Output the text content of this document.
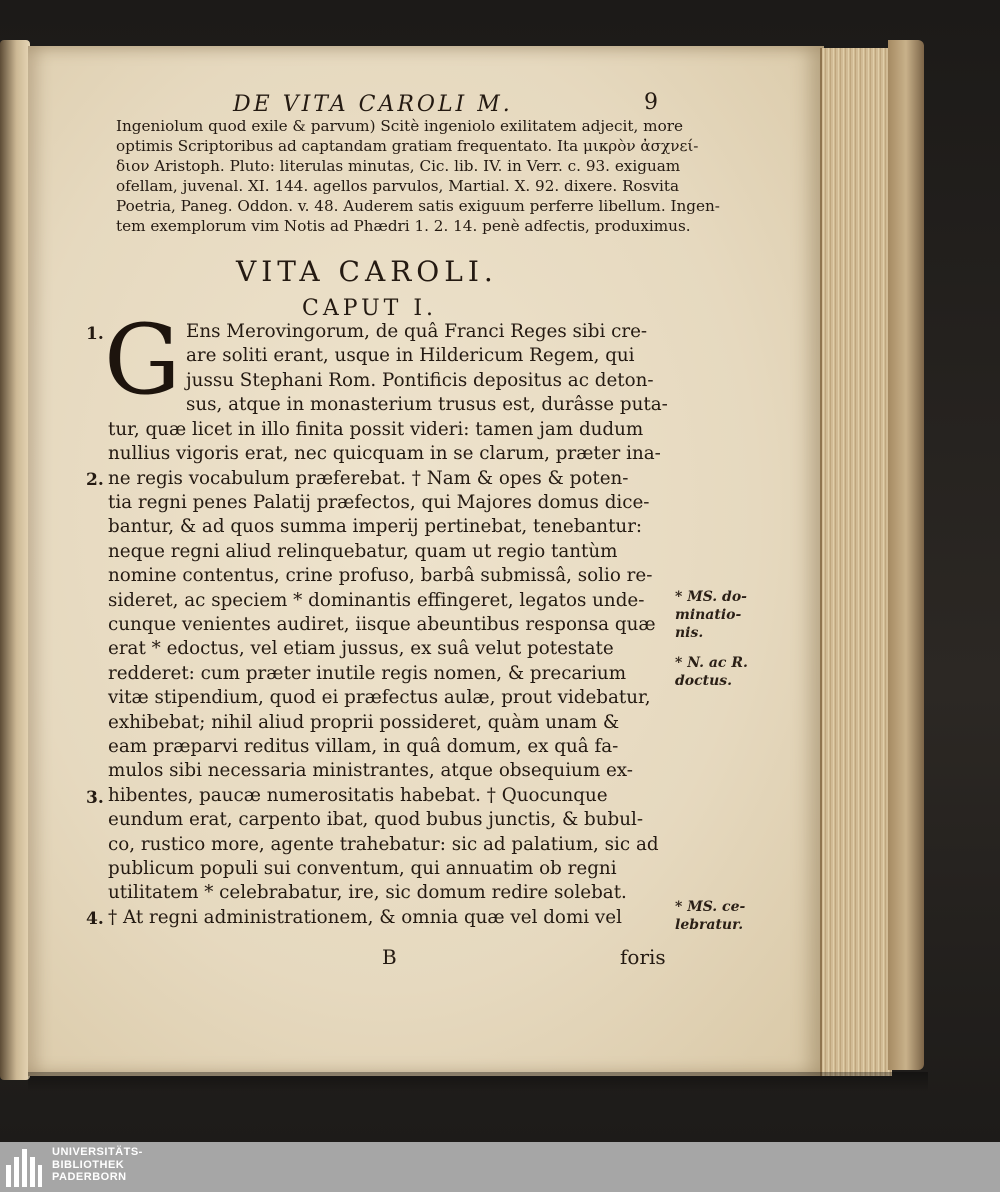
DE VITA CAROLI M.	9
Ingeniolum quod exile & parvum) Scitè ingeniolo exilitatem adjecit, more
optimis Scriptoribus ad captandam gratiam frequentato. Ita μικρὸν ἀσχνεί-
διον Aristoph. Pluto: literulas minutas, Cic. lib. IV. in Verr. c. 93. exiguam
ofellam, juvenal. XI. 144. agellos parvulos, Martial. X. 92. dixere. Rosvita
Poetria, Paneg. Oddon. v. 48. Auderem satis exiguum perferre libellum. Ingen-
tem exemplorum vim Notis ad Phædri 1. 2. 14. penè adfectis, produximus.
VITA CAROLI.
CAPUT I.
G Ens Merovingorum, de quâ Franci Reges sibi cre-
are soliti erant, usque in Hildericum Regem, qui
jussu Stephani Rom. Pontificis depositus ac deton-
sus, atque in monasterium trusus est, durâsse puta-
tur, quæ licet in illo finita possit videri: tamen jam dudum
nullius vigoris erat, nec quicquam in se clarum, præter ina-
ne regis vocabulum præferebat. † Nam & opes & poten-
tia regni penes Palatij præfectos, qui Majores domus dice-
bantur, & ad quos summa imperij pertinebat, tenebantur:
neque regni aliud relinquebatur, quam ut regio tantùm
nomine contentus, crine profuso, barbâ submissâ, solio re-
sideret, ac speciem * dominantis effingeret, legatos unde-
cunque venientes audiret, iisque abeuntibus responsa quæ
erat * edoctus, vel etiam jussus, ex suâ velut potestate
redderet: cum præter inutile regis nomen, & precarium
vitæ stipendium, quod ei præfectus aulæ, prout videbatur,
exhibebat; nihil aliud proprii possideret, quàm unam &
eam præparvi reditus villam, in quâ domum, ex quâ fa-
mulos sibi necessaria ministrantes, atque obsequium ex-
hibentes, paucæ numerositatis habebat. † Quocunque
eundum erat, carpento ibat, quod bubus junctis, & bubul-
co, rustico more, agente trahebatur: sic ad palatium, sic ad
publicum populi sui conventum, qui annuatim ob regni
utilitatem * celebrabatur, ire, sic domum redire solebat.
† At regni administrationem, & omnia quæ vel domi vel
1.
2.
3.
4.
* MS. do-
minatio-
nis.
* N. ac R.
doctus.
* MS. ce-
lebratur.
B	foris
UNIVERSITÄTS-
BIBLIOTHEK
PADERBORN
